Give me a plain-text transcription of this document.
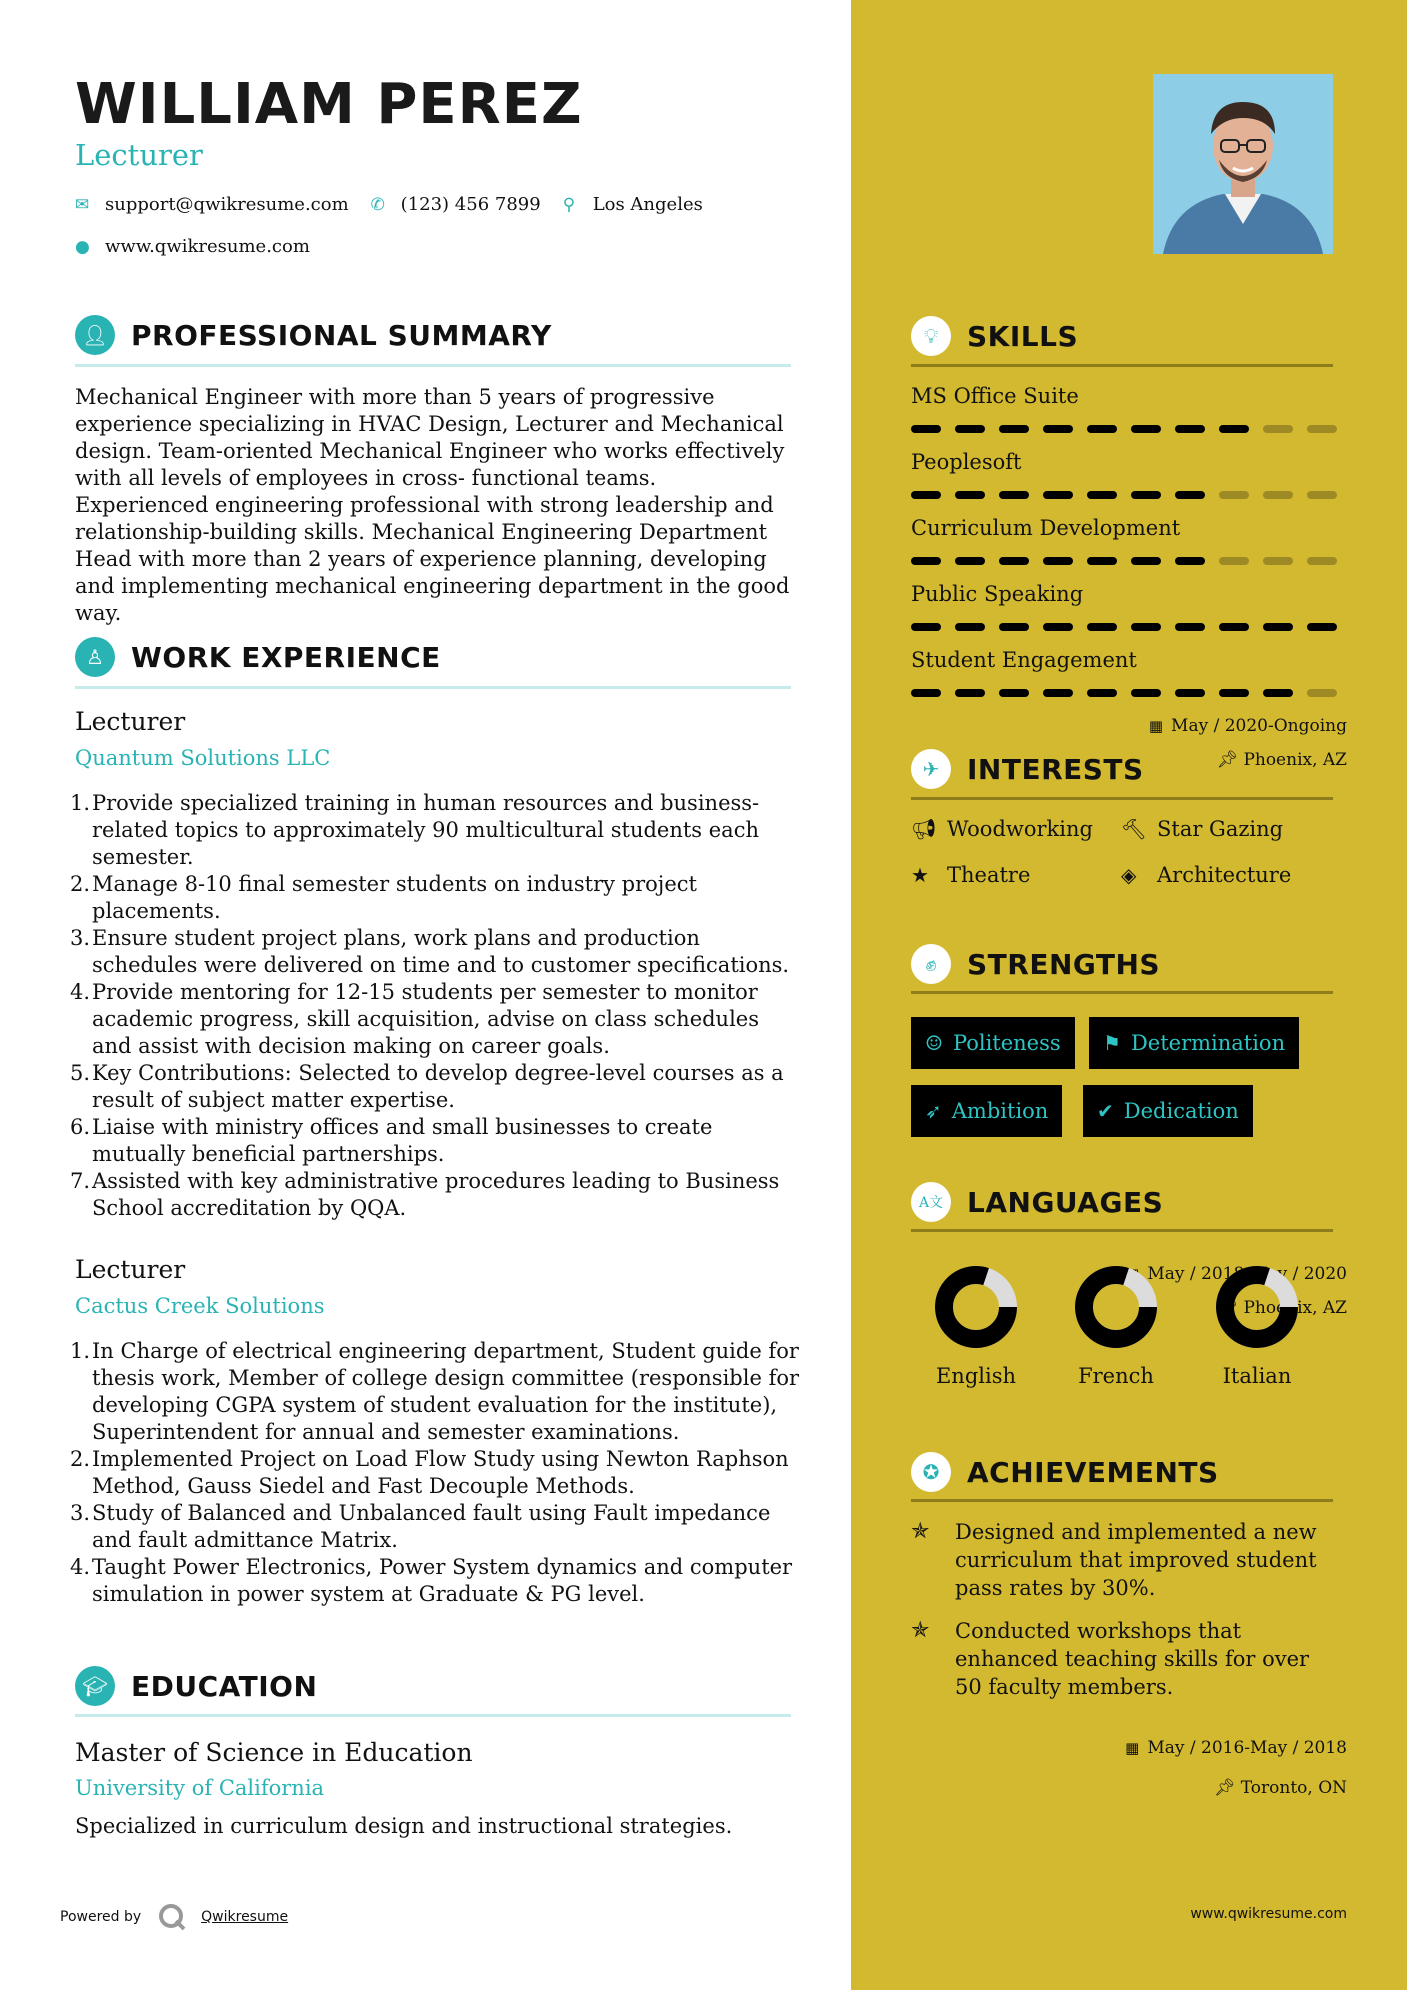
WILLIAM PEREZ
Lecturer
✉ support@qwikresume.com ✆ (123) 456 7899 ⚲ Los Angeles
● www.qwikresume.com
👤︎ PROFESSIONAL SUMMARY
Mechanical Engineer with more than 5 years of progressive experience specializing in HVAC Design, Lecturer and Mechanical design. Team-oriented Mechanical Engineer who works effectively with all levels of employees in cross- functional teams. Experienced engineering professional with strong leadership and relationship-building skills. Mechanical Engineering Department Head with more than 2 years of experience planning, developing and implementing mechanical engineering department in the good way.
♙ WORK EXPERIENCE
Lecturer	▦ May / 2020-Ongoing
Quantum Solutions LLC	📌︎ Phoenix, AZ
1. Provide specialized training in human resources and business-related topics to approximately 90 multicultural students each semester.
2. Manage 8-10 final semester students on industry project placements.
3. Ensure student project plans, work plans and production schedules were delivered on time and to customer specifications.
4. Provide mentoring for 12-15 students per semester to monitor academic progress, skill acquisition, advise on class schedules and assist with decision making on career goals.
5. Key Contributions: Selected to develop degree-level courses as a result of subject matter expertise.
6. Liaise with ministry offices and small businesses to create mutually beneficial partnerships.
7. Assisted with key administrative procedures leading to Business School accreditation by QQA.
Lecturer	▦ May / 2018-May / 2020
Cactus Creek Solutions	📌︎ Phoenix, AZ
1. In Charge of electrical engineering department, Student guide for thesis work, Member of college design committee (responsible for developing CGPA system of student evaluation for the institute), Superintendent for annual and semester examinations.
2. Implemented Project on Load Flow Study using Newton Raphson Method, Gauss Siedel and Fast Decouple Methods.
3. Study of Balanced and Unbalanced fault using Fault impedance and fault admittance Matrix.
4. Taught Power Electronics, Power System dynamics and computer simulation in power system at Graduate & PG level.
🎓︎ EDUCATION
Master of Science in Education	▦ May / 2016-May / 2018
University of California	📌︎ Toronto, ON
Specialized in curriculum design and instructional strategies.
💡︎	SKILLS
MS Office Suite
Peoplesoft
Curriculum Development
Public Speaking
Student Engagement
✈ INTERESTS
📢︎ Woodworking 🔨︎ Star Gazing
★ Theatre	◈ Architecture
✊︎	STRENGTHS
☺ Politeness ⚑ Determination
➶ Ambition ✔ Dedication
A文 LANGUAGES
English	French	Italian
✪ ACHIEVEMENTS
✯	Designed and implemented a new curriculum that improved student pass rates by 30%.
✯	Conducted workshops that enhanced teaching skills for over 50 faculty members.
Powered by	Qwikresume	www.qwikresume.com
